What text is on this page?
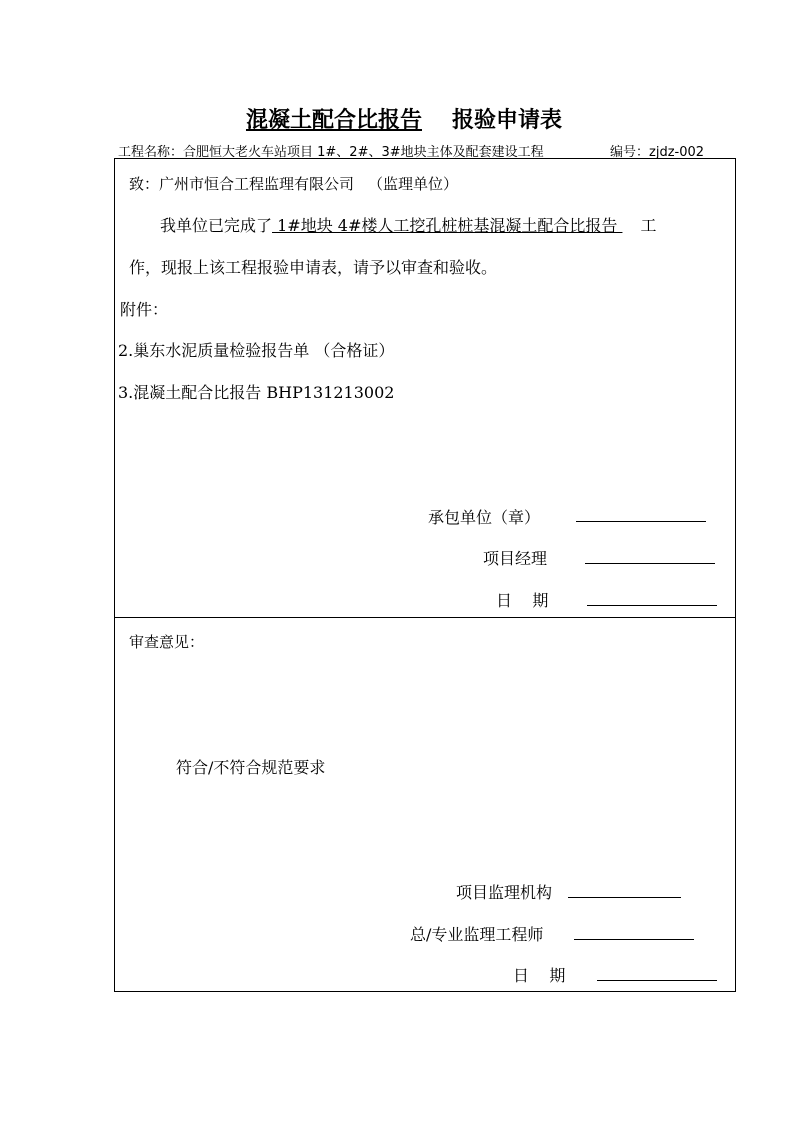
混凝土配合比报告 报验申请表
工程名称：合肥恒大老火车站项目 1#、2#、3#地块主体及配套建设工程	编号：zjdz-002
致：广州市恒合工程监理有限公司 （监理单位）
我单位已完成了 1#地块 4#楼人工挖孔桩桩基混凝土配合比报告 工
作，现报上该工程报验申请表，请予以审查和验收。
附件：
2.巢东水泥质量检验报告单 （合格证）
3.混凝土配合比报告 BHP131213002
承包单位（章）
项目经理
日    期
审查意见：
符合/不符合规范要求
项目监理机构
总/专业监理工程师
日    期
